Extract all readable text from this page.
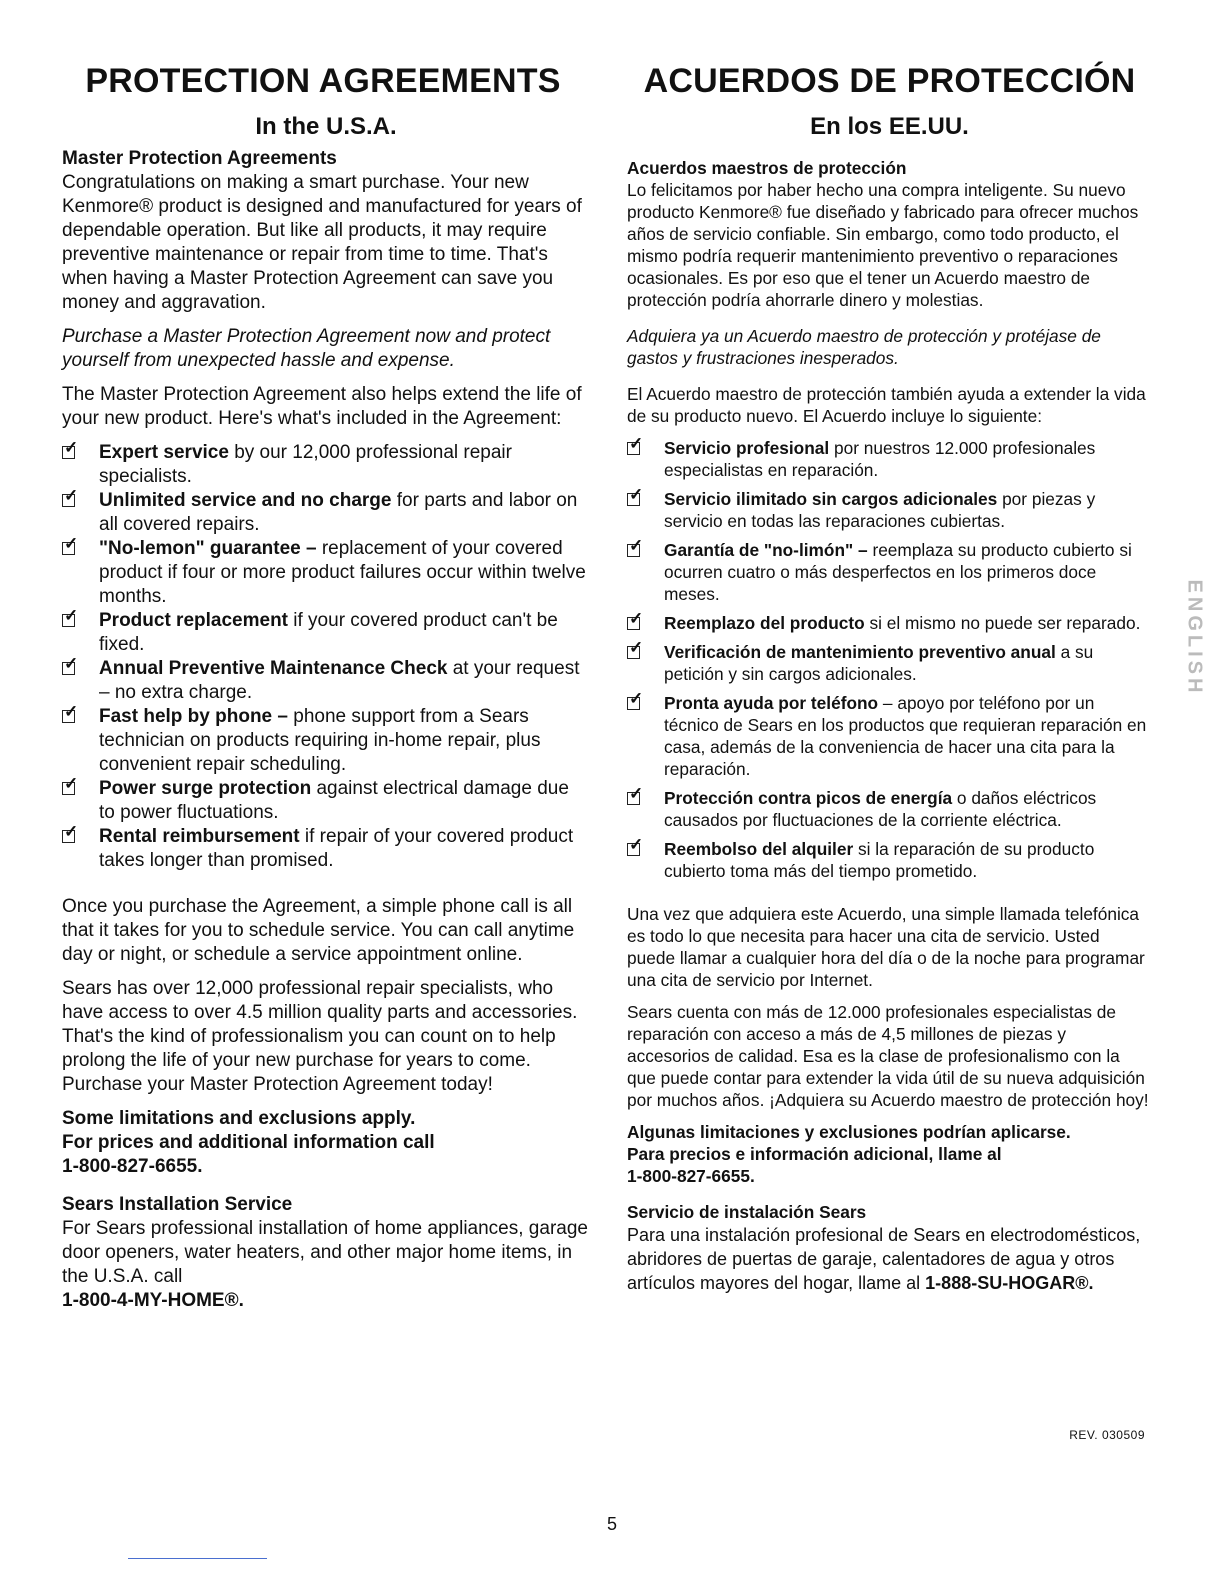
PROTECTION AGREEMENTS
In the U.S.A.
Master Protection Agreements

Congratulations on making a smart purchase. Your new Kenmore® product is designed and manufactured for years of dependable operation. But like all products, it may require preventive maintenance or repair from time to time. That's when having a Master Protection Agreement can save you money and aggravation.

Purchase a Master Protection Agreement now and protect yourself from unexpected hassle and expense.

The Master Protection Agreement also helps extend the life of your new product. Here's what's included in the Agreement:

✓ Expert service by our 12,000 professional repair specialists.
✓ Unlimited service and no charge for parts and labor on all covered repairs.
✓ "No-lemon" guarantee – replacement of your covered product if four or more product failures occur within twelve months.
✓ Product replacement if your covered product can't be fixed.
✓ Annual Preventive Maintenance Check at your request – no extra charge.
✓ Fast help by phone – phone support from a Sears technician on products requiring in-home repair, plus convenient repair scheduling.
✓ Power surge protection against electrical damage due to power fluctuations.
✓ Rental reimbursement if repair of your covered product takes longer than promised.

Once you purchase the Agreement, a simple phone call is all that it takes for you to schedule service. You can call anytime day or night, or schedule a service appointment online.

Sears has over 12,000 professional repair specialists, who have access to over 4.5 million quality parts and accessories. That's the kind of professionalism you can count on to help prolong the life of your new purchase for years to come. Purchase your Master Protection Agreement today!

Some limitations and exclusions apply.
For prices and additional information call
1-800-827-6655.
Sears Installation Service

For Sears professional installation of home appliances, garage door openers, water heaters, and other major home items, in the U.S.A. call

1-800-4-MY-HOME®.

ACUERDOS DE PROTECCIÓN
En los EE.UU.
Acuerdos maestros de protección

Lo felicitamos por haber hecho una compra inteligente. Su nuevo producto Kenmore® fue diseñado y fabricado para ofrecer muchos años de servicio confiable. Sin embargo, como todo producto, el mismo podría requerir mantenimiento preventivo o reparaciones ocasionales. Es por eso que el tener un Acuerdo maestro de protección podría ahorrarle dinero y molestias.

Adquiera ya un Acuerdo maestro de protección y protéjase de gastos y frustraciones inesperados.

El Acuerdo maestro de protección también ayuda a extender la vida de su producto nuevo. El Acuerdo incluye lo siguiente:

✓ Servicio profesional por nuestros 12.000 profesionales especialistas en reparación.
✓ Servicio ilimitado sin cargos adicionales por piezas y servicio en todas las reparaciones cubiertas.
✓ Garantía de "no-limón" – reemplaza su producto cubierto si ocurren cuatro o más desperfectos en los primeros doce meses.
✓ Reemplazo del producto si el mismo no puede ser reparado.
✓ Verificación de mantenimiento preventivo anual a su petición y sin cargos adicionales.
✓ Pronta ayuda por teléfono – apoyo por teléfono por un técnico de Sears en los productos que requieran reparación en casa, además de la conveniencia de hacer una cita para la reparación.
✓ Protección contra picos de energía o daños eléctricos causados por fluctuaciones de la corriente eléctrica.
✓ Reembolso del alquiler si la reparación de su producto cubierto toma más del tiempo prometido.

Una vez que adquiera este Acuerdo, una simple llamada telefónica es todo lo que necesita para hacer una cita de servicio. Usted puede llamar a cualquier hora del día o de la noche para programar una cita de servicio por Internet.

Sears cuenta con más de 12.000 profesionales especialistas de reparación con acceso a más de 4,5 millones de piezas y accesorios de calidad. Esa es la clase de profesionalismo con la que puede contar para extender la vida útil de su nueva adquisición por muchos años. ¡Adquiera su Acuerdo maestro de protección hoy!

Algunas limitaciones y exclusiones podrían aplicarse.
Para precios e información adicional, llame al
1-800-827-6655.
Servicio de instalación Sears

Para una instalación profesional de Sears en electrodomésticos, abridores de puertas de garaje, calentadores de agua y otros artículos mayores del hogar, llame al 1-888-SU-HOGAR®.

REV. 030509
5
ENGLISH
